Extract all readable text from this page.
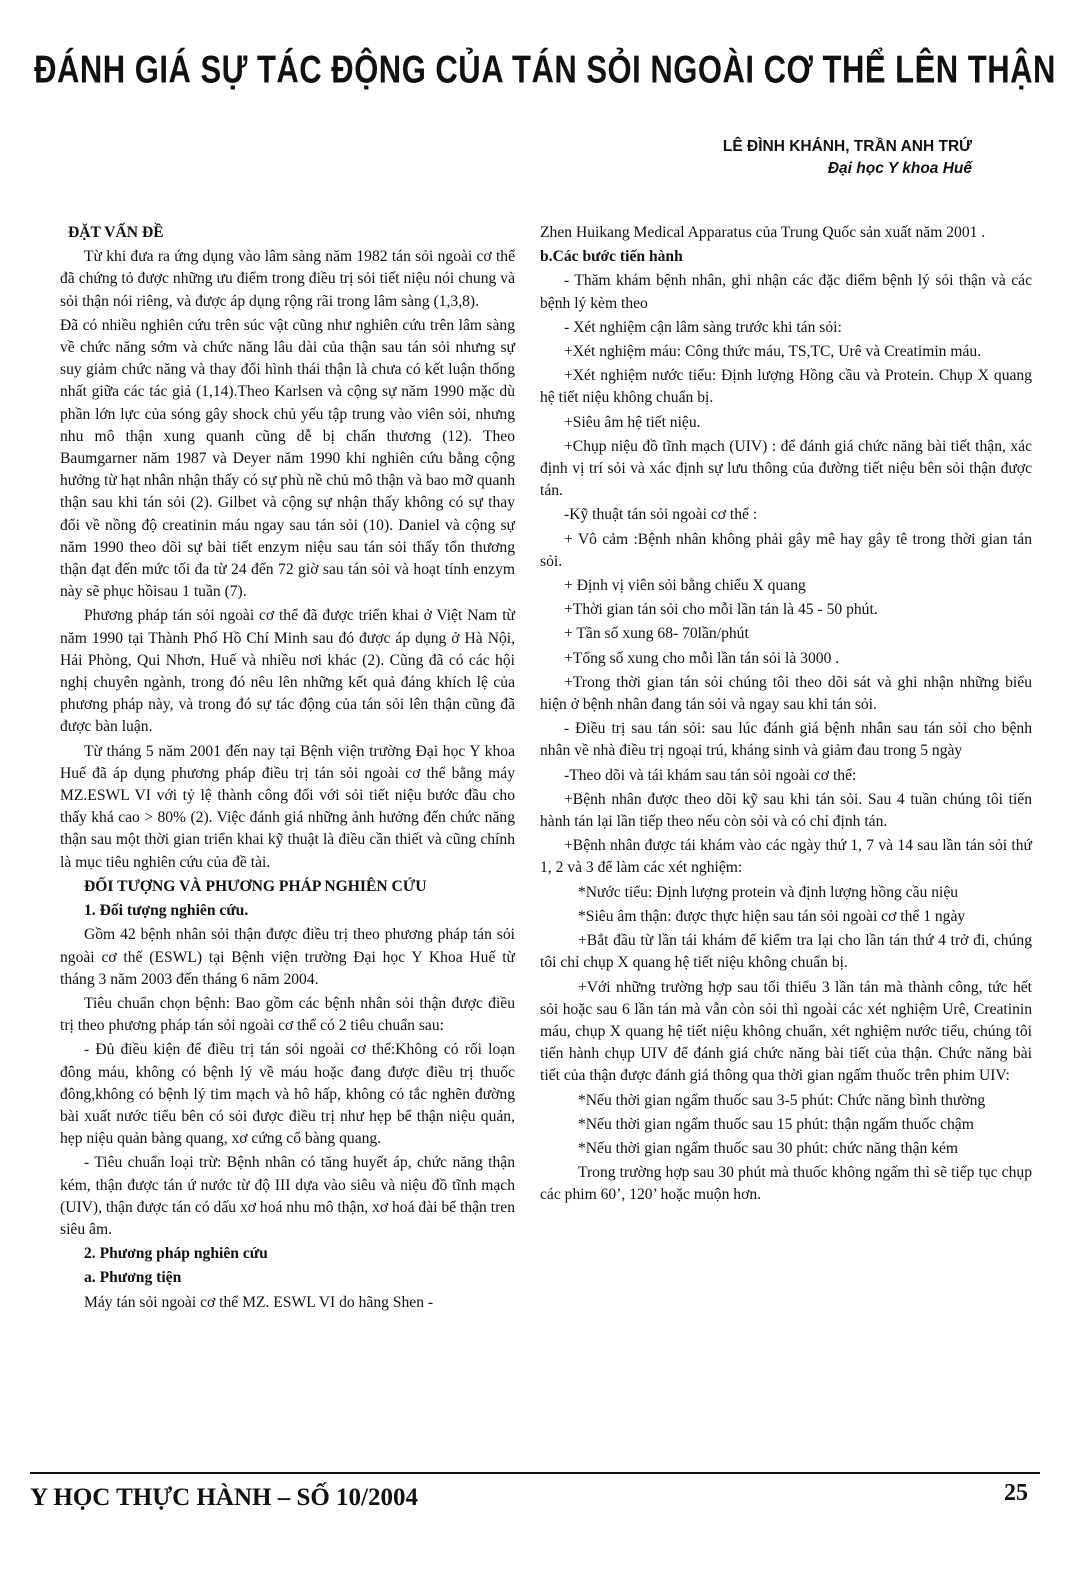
ĐÁNH GIÁ SỰ TÁC ĐỘNG CỦA TÁN SỎI NGOÀI CƠ THỂ LÊN THẬN
LÊ ĐÌNH KHÁNH, TRẦN ANH TRỨ
Đại học Y khoa Huế

ĐẶT VẤN ĐỀ

Từ khi đưa ra ứng dụng vào lâm sàng năm 1982 tán sỏi ngoài cơ thể đã chứng tỏ được những ưu điểm trong điều trị sỏi tiết niệu nói chung và sỏi thận nói riêng, và được áp dụng rộng rãi trong lâm sàng (1,3,8).

Đã có nhiều nghiên cứu trên súc vật cũng như nghiên cứu trên lâm sàng về chức năng sớm và chức năng lâu dài của thận sau tán sỏi nhưng sự suy giảm chức năng và thay đổi hình thái thận là chưa có kết luận thống nhất giữa các tác giả (1,14).Theo Karlsen và cộng sự năm 1990 mặc dù phần lớn lực của sóng gây shock chủ yếu tập trung vào viên sỏi, nhưng nhu mô thận xung quanh cũng dễ bị chấn thương (12). Theo Baumgarner năm 1987 và Deyer năm 1990 khi nghiên cứu bằng cộng hưởng từ hạt nhân nhận thấy có sự phù nề chủ mô thận và bao mỡ quanh thận sau khi tán sỏi (2). Gilbet và cộng sự nhận thấy không có sự thay đổi về nồng độ creatinin máu ngay sau tán sỏi (10). Daniel và cộng sự năm 1990 theo dõi sự bài tiết enzym niệu sau tán sỏi thấy tổn thương thận đạt đến mức tối đa từ 24 đến 72 giờ sau tán sỏi và hoạt tính enzym này sẽ phục hồisau 1 tuần (7).

Phương pháp tán sỏi ngoài cơ thể đã được triển khai ở Việt Nam từ năm 1990 tại Thành Phố Hồ Chí Minh sau đó được áp dụng ở Hà Nội, Hải Phòng, Qui Nhơn, Huế và nhiều nơi khác (2). Cũng đã có các hội nghị chuyên ngành, trong đó nêu lên những kết quả đáng khích lệ của phương pháp này, và trong đó sự tác động của tán sỏi lên thận cũng đã được bàn luận.

Từ tháng 5 năm 2001 đến nay tại Bệnh viện trường Đại học Y khoa Huế đã áp dụng phương pháp điều trị tán sỏi ngoài cơ thể bằng máy MZ.ESWL VI với tỷ lệ thành công đối với sỏi tiết niệu bước đầu cho thấy khá cao > 80% (2). Việc đánh giá những ảnh hưởng đến chức năng thận sau một thời gian triển khai kỹ thuật là điều cần thiết và cũng chính là mục tiêu nghiên cứu của đề tài.

ĐỐI TƯỢNG VÀ PHƯƠNG PHÁP NGHIÊN CỨU

1. Đối tượng nghiên cứu.

Gồm 42 bệnh nhân sỏi thận được điều trị theo phương pháp tán sỏi ngoài cơ thể (ESWL) tại Bệnh viện trường Đại học Y Khoa Huế từ tháng 3 năm 2003 đến tháng 6 năm 2004.

Tiêu chuẩn chọn bệnh: Bao gồm các bệnh nhân sỏi thận được điều trị theo phương pháp tán sỏi ngoài cơ thể có 2 tiêu chuẩn sau:

- Đủ điều kiện để điều trị tán sỏi ngoài cơ thể:Không có rối loạn đông máu, không có bệnh lý về máu hoặc đang được điều trị thuốc đông,không có bệnh lý tim mạch và hô hấp, không có tắc nghẽn đường bài xuất nước tiểu bên có sỏi được điều trị như hẹp bể thận niệu quản, hẹp niệu quản bàng quang, xơ cứng cổ bàng quang.

- Tiêu chuẩn loại trừ: Bệnh nhân có tăng huyết áp, chức năng thận kém, thận được tán ứ nước từ độ III dựa vào siêu và niệu đồ tĩnh mạch (UIV), thận được tán có dấu xơ hoá nhu mô thận, xơ hoá đài bể thận tren siêu âm.

2. Phương pháp nghiên cứu

a. Phương tiện

Máy tán sỏi ngoài cơ thể MZ. ESWL VI do hãng Shen -

Zhen Huikang Medical Apparatus của Trung Quốc sản xuất năm 2001 .

b.Các bước tiến hành

- Thăm khám bệnh nhân, ghi nhận các đặc điểm bệnh lý sỏi thận và các bệnh lý kèm theo

- Xét nghiệm cận lâm sàng trước khi tán sỏi:

+Xét nghiệm máu: Công thức máu, TS,TC, Urê và Creatimin máu.

+Xét nghiệm nước tiểu: Định lượng Hồng cầu và Protein. Chụp X quang hệ tiết niệu không chuẩn bị.

+Siêu âm hệ tiết niệu.

+Chụp niệu đồ tĩnh mạch (UIV) : để đánh giá chức năng bài tiết thận, xác định vị trí sỏi và xác định sự lưu thông của đường tiết niệu bên sỏi thận được tán.

-Kỹ thuật tán sỏi ngoài cơ thể :

+ Vô cảm :Bệnh nhân không phải gây mê hay gây tê trong thời gian tán sỏi.

+ Định vị viên sỏi bằng chiếu X quang

+Thời gian tán sỏi cho mỗi lần tán là 45 - 50 phút.

+ Tần số xung 68- 70lần/phút

+Tổng số xung cho mỗi lần tán sỏi là 3000 .

+Trong thời gian tán sỏi chúng tôi theo dõi sát và ghi nhận những biểu hiện ở bệnh nhân đang tán sỏi và ngay sau khi tán sỏi.

- Điều trị sau tán sỏi: sau lúc đánh giá bệnh nhân sau tán sỏi cho bệnh nhân về nhà điều trị ngoại trú, kháng sinh và giảm đau trong 5 ngày

-Theo dõi và tái khám sau tán sỏi ngoài cơ thể:

+Bệnh nhân được theo dõi kỹ sau khi tán sỏi. Sau 4 tuần chúng tôi tiến hành tán lại lần tiếp theo nếu còn sỏi và có chỉ định tán.

+Bệnh nhân được tái khám vào các ngày thứ 1, 7 và 14 sau lần tán sỏi thứ 1, 2 và 3 để làm các xét nghiệm:

*Nước tiểu: Định lượng protein và định lượng hồng cầu niệu

*Siêu âm thận: được thực hiện sau tán sỏi ngoài cơ thể 1 ngày

+Bắt đầu từ lần tái khám để kiểm tra lại cho lần tán thứ 4 trở đi, chúng tôi chỉ chụp X quang hệ tiết niệu không chuẩn bị.

+Với những trường hợp sau tối thiểu 3 lần tán mà thành công, tức hết sỏi hoặc sau 6 lần tán mà vẫn còn sỏi thì ngoài các xét nghiệm Urê, Creatinin máu, chụp X quang hệ tiết niệu không chuẩn, xét nghiệm nước tiểu, chúng tôi tiến hành chụp UIV để đánh giá chức năng bài tiết của thận. Chức năng bài tiết của thận được đánh giá thông qua thời gian ngấm thuốc trên phim UIV:

*Nếu thời gian ngấm thuốc sau 3-5 phút: Chức năng bình thường

*Nếu thời gian ngấm thuốc sau 15 phút: thận ngấm thuốc chậm

*Nếu thời gian ngấm thuốc sau 30 phút: chức năng thận kém

Trong trường hợp sau 30 phút mà thuốc không ngấm thì sẽ tiếp tục chụp các phim 60’, 120’ hoặc muộn hơn.

Y HỌC THỰC HÀNH – SỐ 10/2004	25
